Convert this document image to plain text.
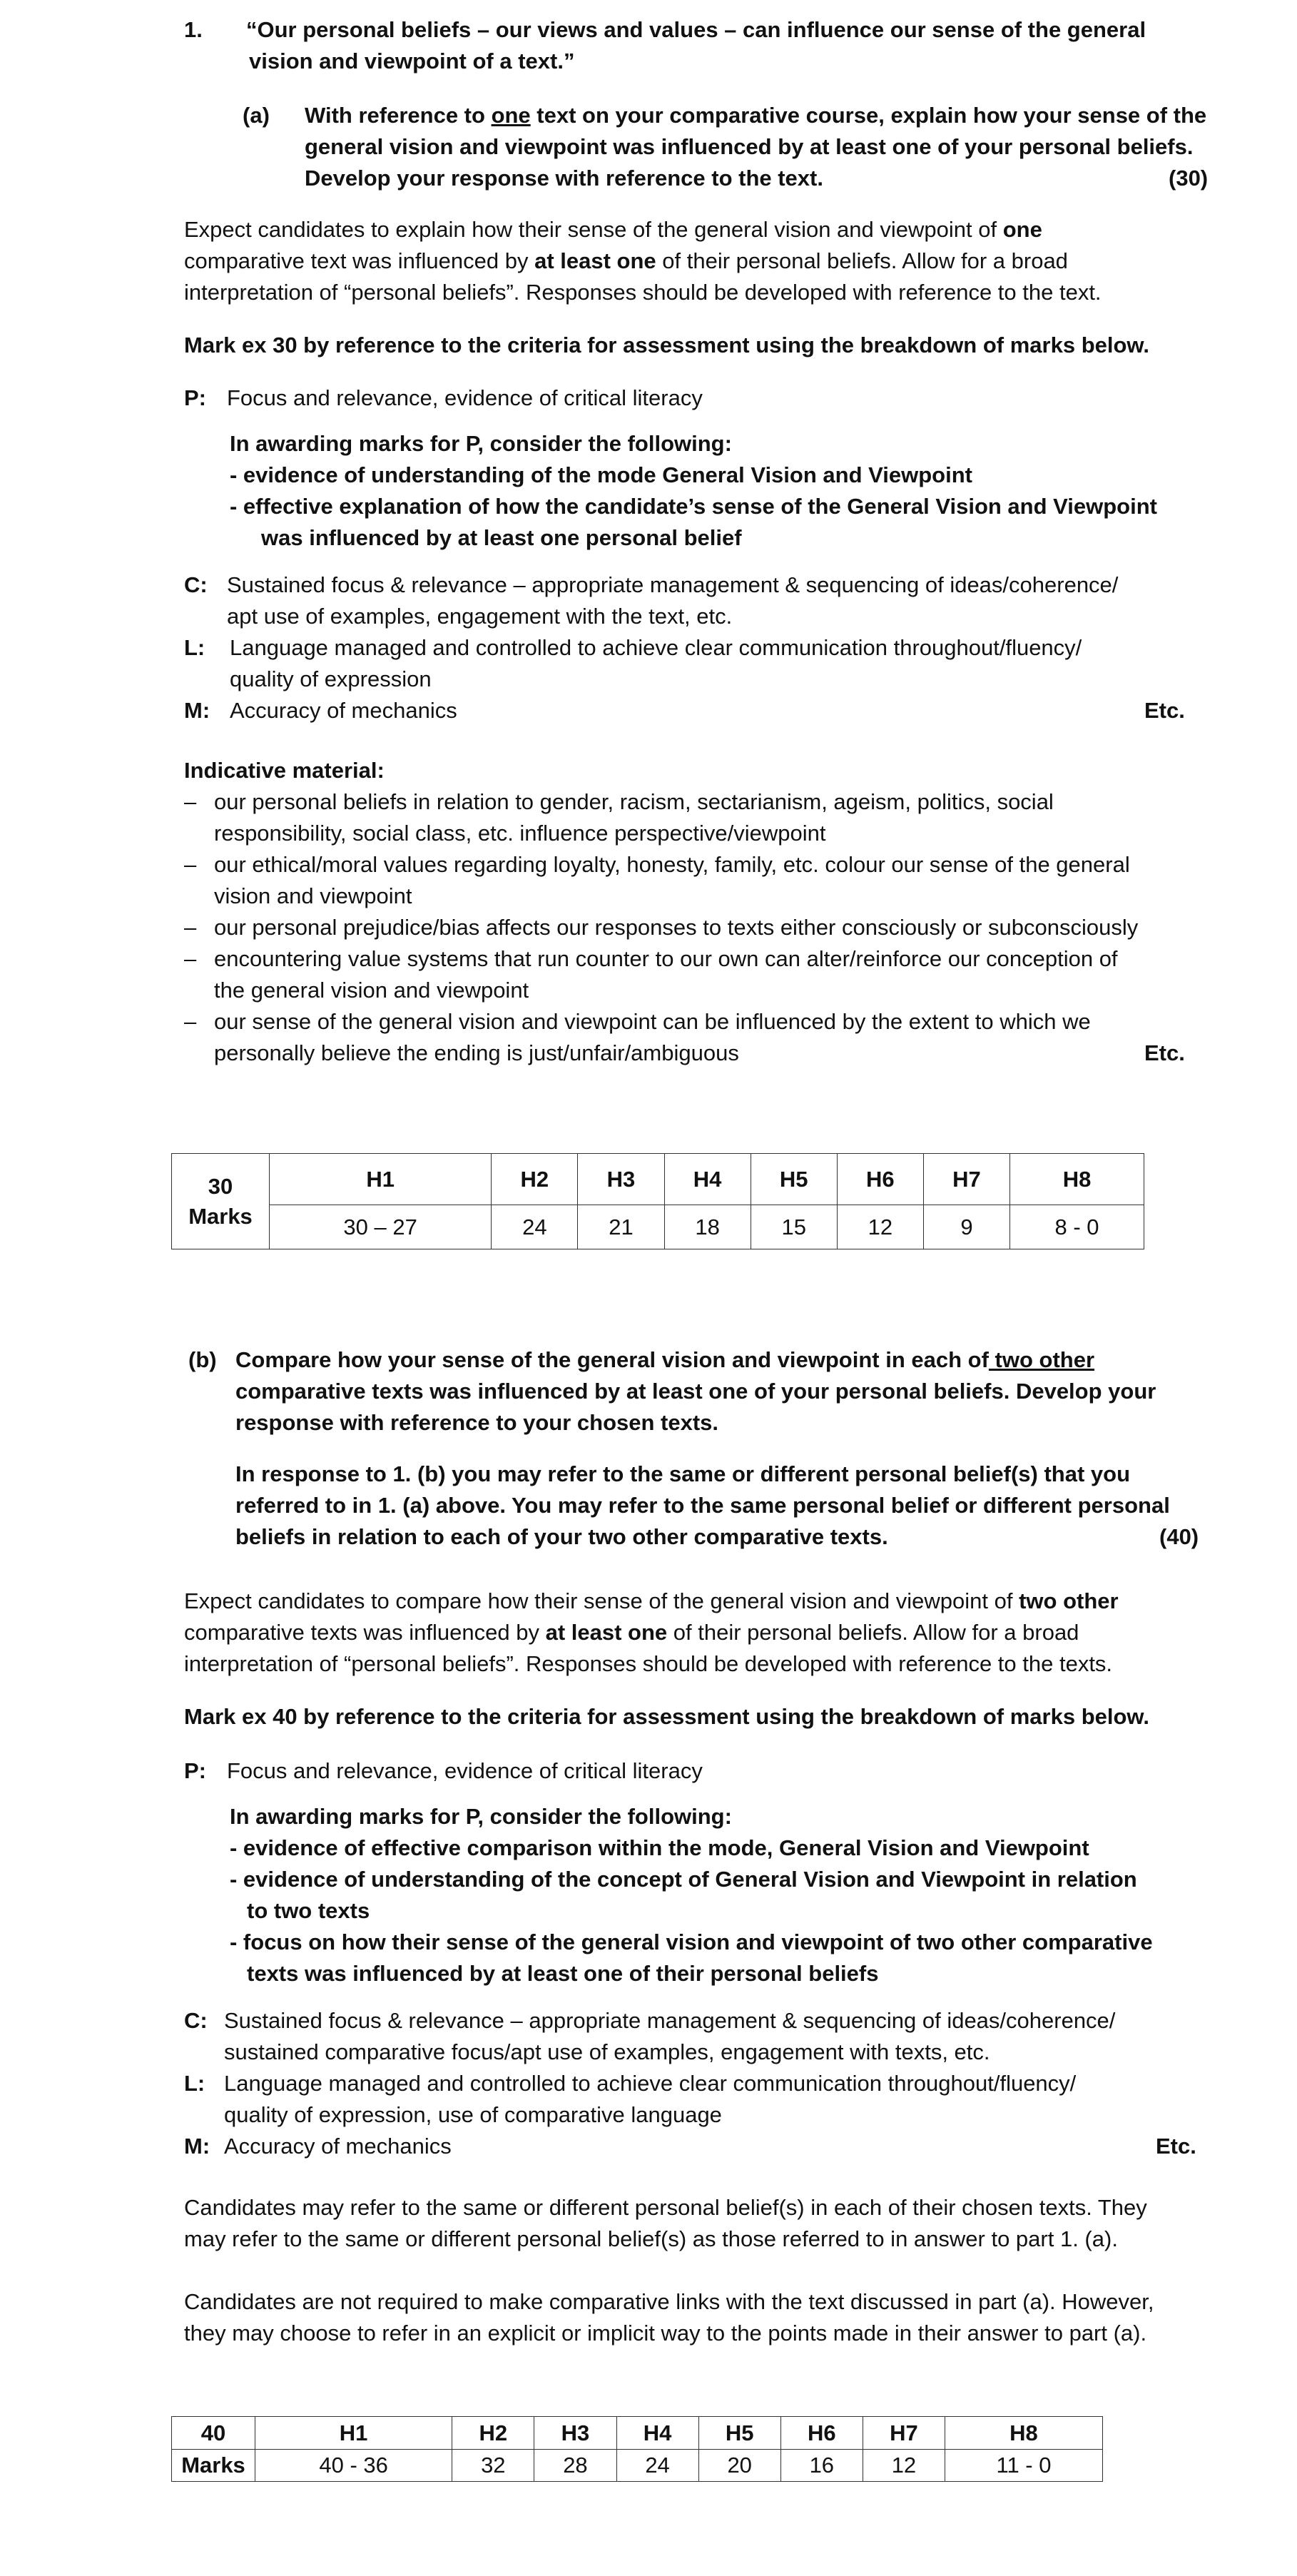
1. “Our personal beliefs – our views and values – can influence our sense of the general

vision and viewpoint of a text.”

(a) With reference to one text on your comparative course, explain how your sense of the

general vision and viewpoint was influenced by at least one of your personal beliefs.

Develop your response with reference to the text.	(30)

Expect candidates to explain how their sense of the general vision and viewpoint of one

comparative text was influenced by at least one of their personal beliefs. Allow for a broad

interpretation of “personal beliefs”. Responses should be developed with reference to the text.

Mark ex 30 by reference to the criteria for assessment using the breakdown of marks below.
P: Focus and relevance, evidence of critical literacy

In awarding marks for P, consider the following:

- evidence of understanding of the mode General Vision and Viewpoint

- effective explanation of how the candidate’s sense of the General Vision and Viewpoint

was influenced by at least one personal belief

C: Sustained focus & relevance – appropriate management & sequencing of ideas/coherence/

apt use of examples, engagement with the text, etc.

L: Language managed and controlled to achieve clear communication throughout/fluency/

quality of expression

M: Accuracy of mechanics	Etc.
Indicative material:
– our personal beliefs in relation to gender, racism, sectarianism, ageism, politics, social

responsibility, social class, etc. influence perspective/viewpoint

– our ethical/moral values regarding loyalty, honesty, family, etc. colour our sense of the general

vision and viewpoint

– our personal prejudice/bias affects our responses to texts either consciously or subconsciously

– encountering value systems that run counter to our own can alter/reinforce our conception of

the general vision and viewpoint

– our sense of the general vision and viewpoint can be influenced by the extent to which we

personally believe the ending is just/unfair/ambiguous	Etc.
30
Marks	H1	H2	H3	H4	H5	H6	H7	H8
	30 – 27	24	21	18	15	12	9	8 - 0
(b) Compare how your sense of the general vision and viewpoint in each of two other

comparative texts was influenced by at least one of your personal beliefs. Develop your

response with reference to your chosen texts.

In response to 1. (b) you may refer to the same or different personal belief(s) that you

referred to in 1. (a) above. You may refer to the same personal belief or different personal

beliefs in relation to each of your two other comparative texts.	(40)

Expect candidates to compare how their sense of the general vision and viewpoint of two other

comparative texts was influenced by at least one of their personal beliefs. Allow for a broad

interpretation of “personal beliefs”. Responses should be developed with reference to the texts.

Mark ex 40 by reference to the criteria for assessment using the breakdown of marks below.
P: Focus and relevance, evidence of critical literacy

In awarding marks for P, consider the following:

- evidence of effective comparison within the mode, General Vision and Viewpoint

- evidence of understanding of the concept of General Vision and Viewpoint in relation

to two texts

- focus on how their sense of the general vision and viewpoint of two other comparative

texts was influenced by at least one of their personal beliefs

C: Sustained focus & relevance – appropriate management & sequencing of ideas/coherence/

sustained comparative focus/apt use of examples, engagement with texts, etc.

L: Language managed and controlled to achieve clear communication throughout/fluency/

quality of expression, use of comparative language

M: Accuracy of mechanics	Etc.

Candidates may refer to the same or different personal belief(s) in each of their chosen texts. They

may refer to the same or different personal belief(s) as those referred to in answer to part 1. (a).

Candidates are not required to make comparative links with the text discussed in part (a). However,

they may choose to refer in an explicit or implicit way to the points made in their answer to part (a).

40	H1	H2	H3	H4	H5	H6	H7	H8
Marks	40 - 36	32	28	24	20	16	12	11 - 0
